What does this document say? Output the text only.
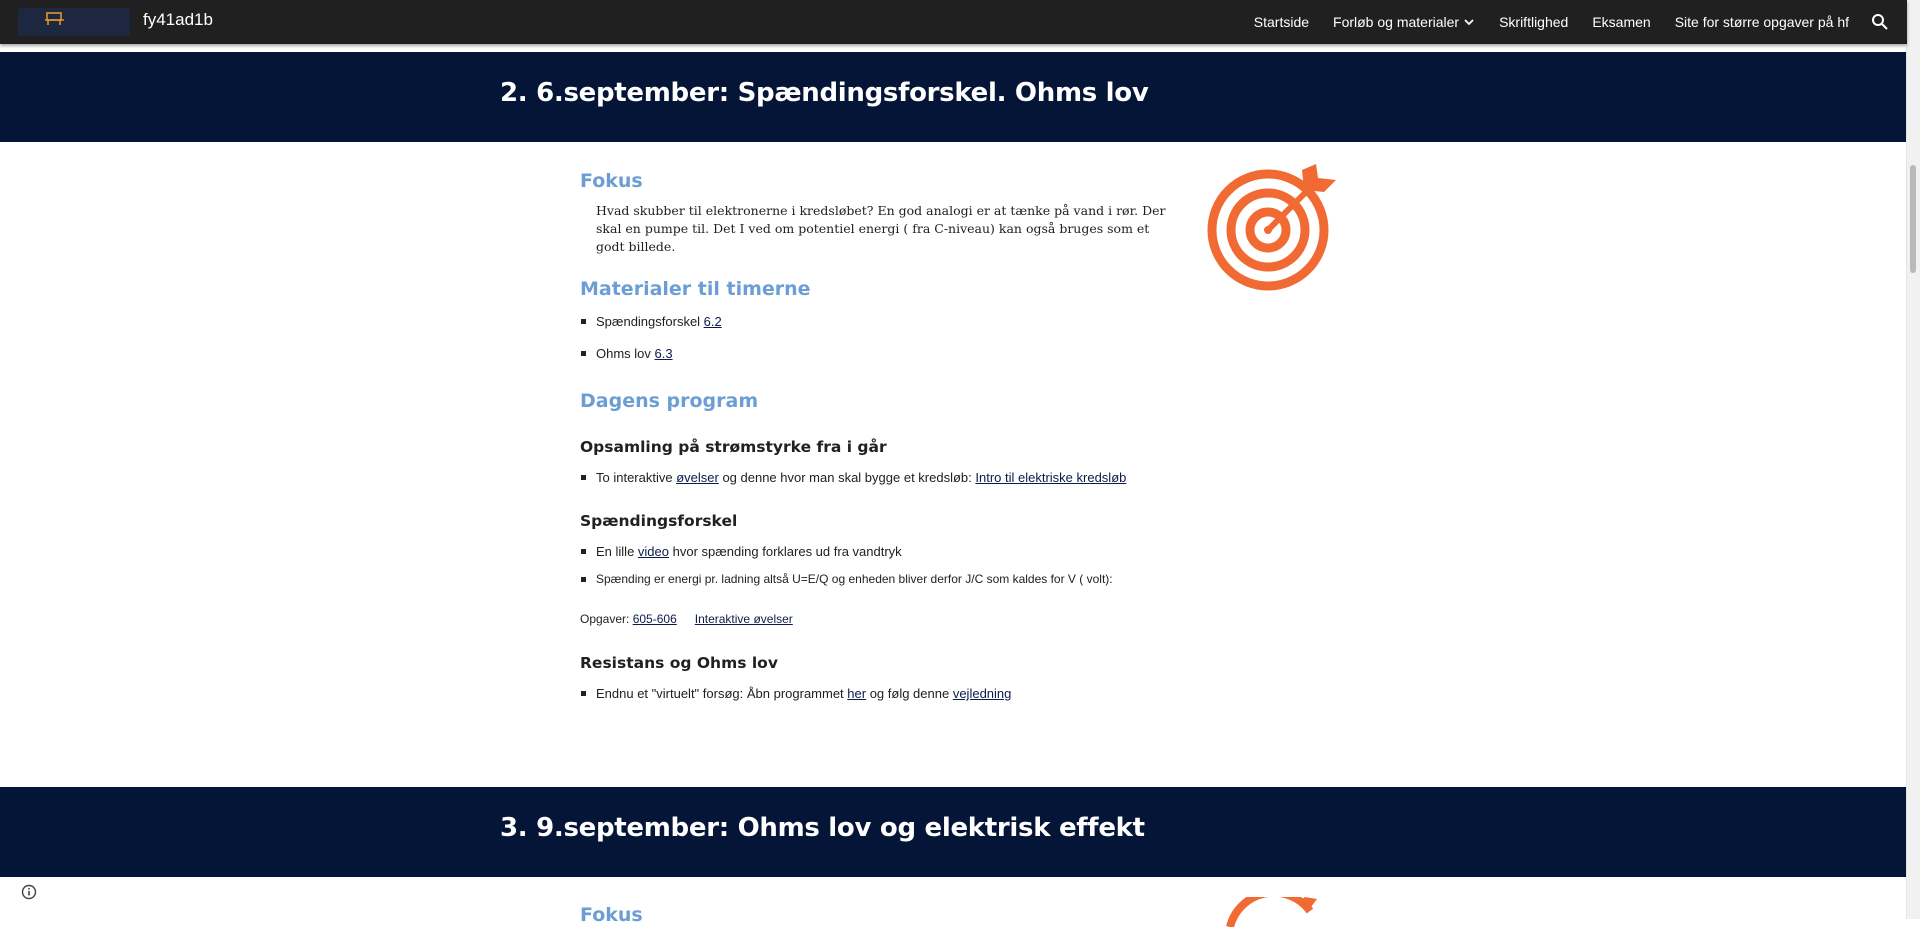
fy41ad1b	Startside Forløb og materialer	Skriftlighed Eksamen Site for større opgaver på hf
2. 6.september: Spændingsforskel. Ohms lov
Fokus

Hvad skubber til elektronerne i kredsløbet? En god analogi er at tænke på vand i rør. Der skal en pumpe til. Det I ved om potentiel energi ( fra C-niveau) kan også bruges som et godt billede.

Materialer til timerne
Spændingsforskel 6.2
Ohms lov 6.3
Dagens program
Opsamling på strømstyrke fra i går
To interaktive øvelser og denne hvor man skal bygge et kredsløb: Intro til elektriske kredsløb
Spændingsforskel
En lille video hvor spænding forklares ud fra vandtryk
Spænding er energi pr. ladning altså U=E/Q og enheden bliver derfor J/C som kaldes for V ( volt):
Opgaver: 605-606 Interaktive øvelser
Resistans og Ohms lov
Endnu et "virtuelt" forsøg: Åbn programmet her og følg denne vejledning
3. 9.september: Ohms lov og elektrisk effekt
Fokus
